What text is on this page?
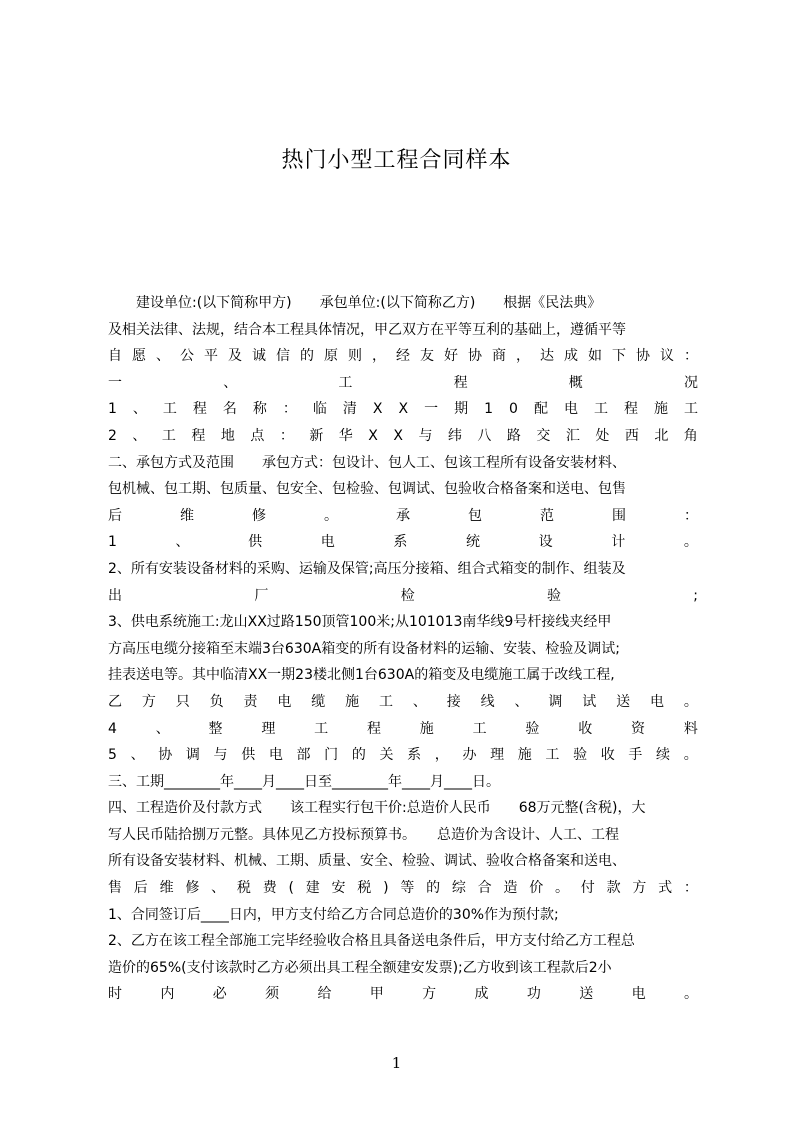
热门小型工程合同样本
建设单位:(以下简称甲方)　　承包单位:(以下简称乙方)　　根据《民法典》
及相关法律、法规，结合本工程具体情况，甲乙双方在平等互利的基础上，遵循平等
自 愿 、 公 平 及 诚 信 的 原 则 ， 经 友 好 协 商 ， 达 成 如 下 协 议 ：
一	、	工	程	概	况
1 、 工 程 名 称 ： 临 清 X X 一 期 1 0 配 电 工 程 施 工
2 、 工 程 地 点 ： 新 华 X X 与 纬 八 路 交 汇 处 西 北 角
二、承包方式及范围　　承包方式：包设计、包人工、包该工程所有设备安装材料、
包机械、包工期、包质量、包安全、包检验、包调试、包验收合格备案和送电、包售
后	维	修	。	承	包	范	围	：
1	、	供	电	系	统	设	计	。
2、所有安装设备材料的采购、运输及保管;高压分接箱、组合式箱变的制作、组装及
出	厂	检	验	;
3、供电系统施工:龙山XX过路150顶管100米;从101013南华线9号杆接线夹经甲
方高压电缆分接箱至末端3台630A箱变的所有设备材料的运输、安装、检验及调试;
挂表送电等。其中临清XX一期23楼北侧1台630A的箱变及电缆施工属于改线工程,
乙 方 只 负 责 电 缆 施 工 、 接 线 、 调 试 送 电 。
4	、	整	理	工	程	施	工	验	收	资	料
5 、 协 调 与 供 电 部 门 的 关 系 ， 办 理 施 工 验 收 手 续 。
三、工期________年____月____日至________年____月____日。
四、工程造价及付款方式　　该工程实行包干价:总造价人民币　　68万元整(含税)，大
写人民币陆拾捌万元整。具体见乙方投标预算书。　　总造价为含设计、人工、工程
所有设备安装材料、机械、工期、质量、安全、检验、调试、验收合格备案和送电、
售 后 维 修 、 税 费 ( 建 安 税 ) 等 的 综 合 造 价 。 付 款 方 式 ：
1、合同签订后____日内，甲方支付给乙方合同总造价的30%作为预付款;
2、乙方在该工程全部施工完毕经验收合格且具备送电条件后，甲方支付给乙方工程总
造价的65%(支付该款时乙方必须出具工程全额建安发票);乙方收到该工程款后2小
时	内	必	须	给	甲	方	成	功	送	电	。
1
